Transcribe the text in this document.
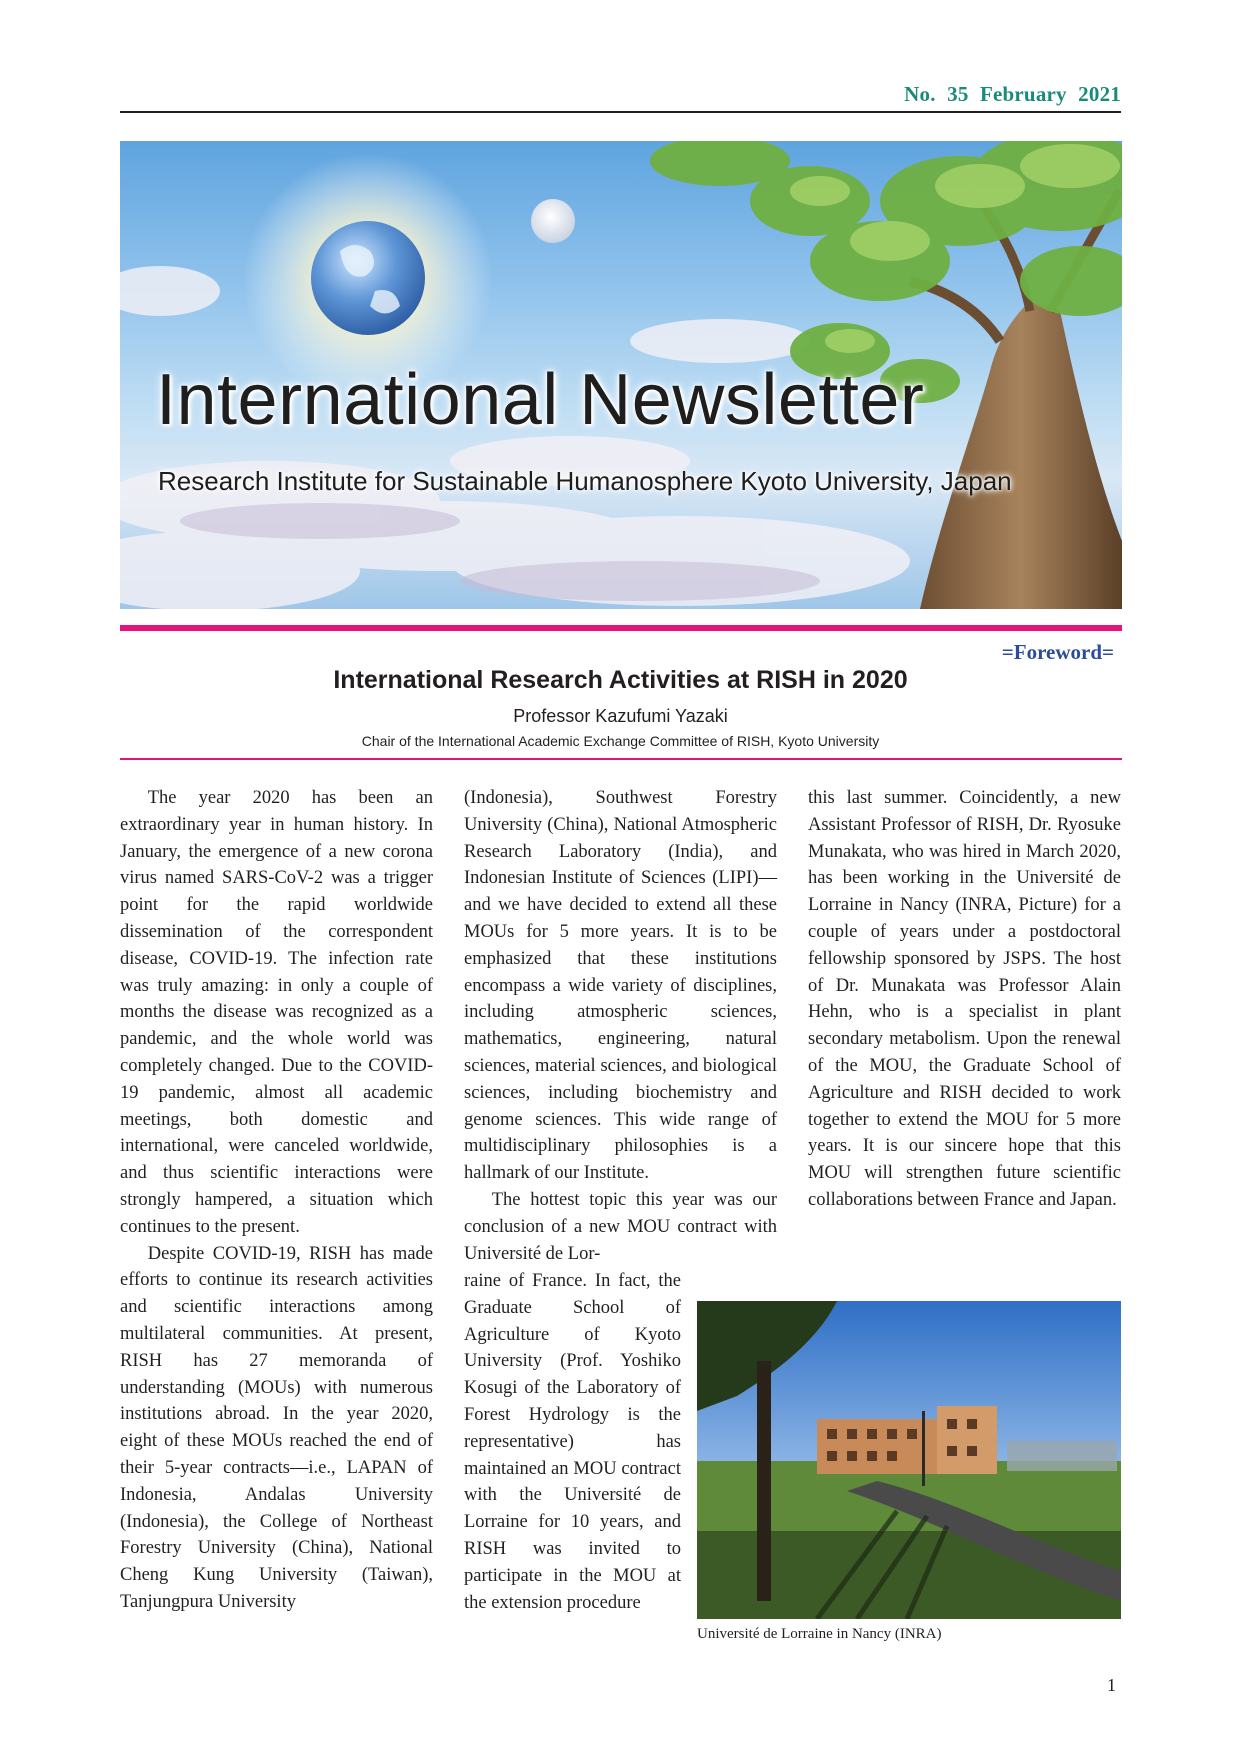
No. 35 February 2021
International Newsletter
Research Institute for Sustainable Humanosphere Kyoto University, Japan
=Foreword=
International Research Activities at RISH in 2020
Professor Kazufumi Yazaki
Chair of the International Academic Exchange Committee of RISH, Kyoto University

The year 2020 has been an extraordinary year in human history. In January, the emergence of a new corona virus named SARS-CoV-2 was a trigger point for the rapid worldwide dissemination of the correspondent disease, COVID-19. The infection rate was truly amazing: in only a couple of months the disease was recognized as a pandemic, and the whole world was completely changed. Due to the COVID-19 pandemic, almost all academic meetings, both domestic and international, were canceled worldwide, and thus scientific interactions were strongly hampered, a situation which continues to the present.

Despite COVID-19, RISH has made efforts to continue its research activities and scientific interactions among multilateral communities. At present, RISH has 27 memoranda of understanding (MOUs) with numerous institutions abroad. In the year 2020, eight of these MOUs reached the end of their 5-year contracts—i.e., LAPAN of Indonesia, Andalas University (Indonesia), the College of Northeast Forestry University (China), National Cheng Kung University (Taiwan), Tanjungpura University

(Indonesia), Southwest Forestry University (China), National Atmospheric Research Laboratory (India), and Indonesian Institute of Sciences (LIPI)—and we have decided to extend all these MOUs for 5 more years. It is to be emphasized that these institutions encompass a wide variety of disciplines, including atmospheric sciences, mathematics, engineering, natural sciences, material sciences, and biological sciences, including biochemistry and genome sciences. This wide range of multidisciplinary philosophies is a hallmark of our Institute.

The hottest topic this year was our conclusion of a new MOU contract with Université de Lor-

raine of France. In fact, the Graduate School of Agriculture of Kyoto University (Prof. Yoshiko Kosugi of the Laboratory of Forest Hydrology is the representative) has maintained an MOU contract with the Université de Lorraine for 10 years, and RISH was invited to participate in the MOU at the extension procedure

this last summer. Coincidently, a new Assistant Professor of RISH, Dr. Ryosuke Munakata, who was hired in March 2020, has been working in the Université de Lorraine in Nancy (INRA, Picture) for a couple of years under a postdoctoral fellowship sponsored by JSPS. The host of Dr. Munakata was Professor Alain Hehn, who is a specialist in plant secondary metabolism. Upon the renewal of the MOU, the Graduate School of Agriculture and RISH decided to work together to extend the MOU for 5 more years. It is our sincere hope that this MOU will strengthen future scientific collaborations between France and Japan.

Université de Lorraine in Nancy (INRA)
1
